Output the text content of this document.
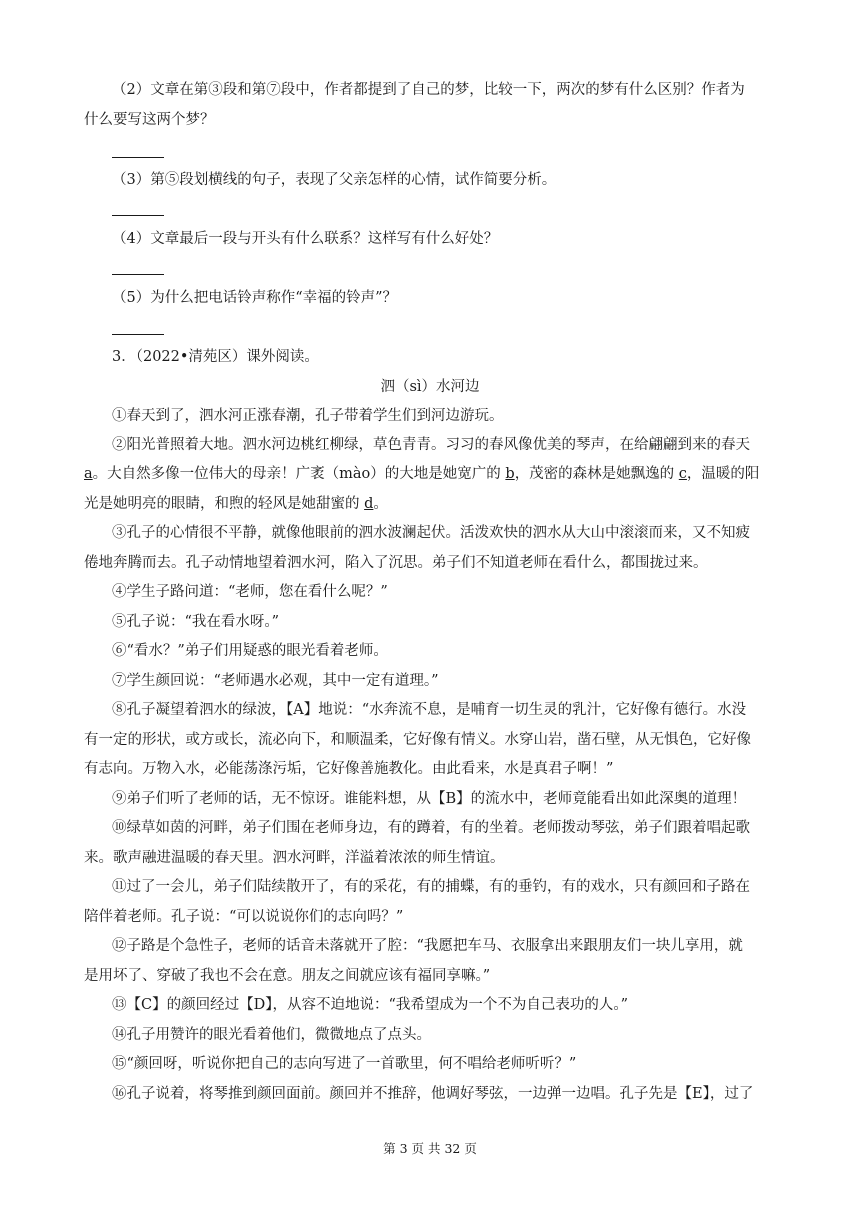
（2）文章在第③段和第⑦段中，作者都提到了自己的梦，比较一下，两次的梦有什么区别？作者为
什么要写这两个梦？
（3）第⑤段划横线的句子，表现了父亲怎样的心情，试作简要分析。
（4）文章最后一段与开头有什么联系？这样写有什么好处？
（5）为什么把电话铃声称作“幸福的铃声”？
3．（2022•清苑区）课外阅读。
泗（sì）水河边
①春天到了，泗水河正涨春潮，孔子带着学生们到河边游玩。
②阳光普照着大地。泗水河边桃红柳绿，草色青青。习习的春风像优美的琴声，在给翩翩到来的春天
a。大自然多像一位伟大的母亲！广袤（mào）的大地是她宽广的 b，茂密的森林是她飘逸的 c，温暖的阳
光是她明亮的眼睛，和煦的轻风是她甜蜜的 d。
③孔子的心情很不平静，就像他眼前的泗水波澜起伏。活泼欢快的泗水从大山中滚滚而来，又不知疲
倦地奔腾而去。孔子动情地望着泗水河，陷入了沉思。弟子们不知道老师在看什么，都围拢过来。
④学生子路问道：“老师，您在看什么呢？”
⑤孔子说：“我在看水呀。”
⑥“看水？”弟子们用疑惑的眼光看着老师。
⑦学生颜回说：“老师遇水必观，其中一定有道理。”
⑧孔子凝望着泗水的绿波，【A】地说：“水奔流不息，是哺育一切生灵的乳汁，它好像有德行。水没
有一定的形状，或方或长，流必向下，和顺温柔，它好像有情义。水穿山岩，凿石壁，从无惧色，它好像
有志向。万物入水，必能荡涤污垢，它好像善施教化。由此看来，水是真君子啊！”
⑨弟子们听了老师的话，无不惊讶。谁能料想，从【B】的流水中，老师竟能看出如此深奥的道理！
⑩绿草如茵的河畔，弟子们围在老师身边，有的蹲着，有的坐着。老师拨动琴弦，弟子们跟着唱起歌
来。歌声融进温暖的春天里。泗水河畔，洋溢着浓浓的师生情谊。
⑪过了一会儿，弟子们陆续散开了，有的采花，有的捕蝶，有的垂钓，有的戏水，只有颜回和子路在
陪伴着老师。孔子说：“可以说说你们的志向吗？”
⑫子路是个急性子，老师的话音未落就开了腔：“我愿把车马、衣服拿出来跟朋友们一块儿享用，就
是用坏了、穿破了我也不会在意。朋友之间就应该有福同享嘛。”
⑬【C】的颜回经过【D】，从容不迫地说：“我希望成为一个不为自己表功的人。”
⑭孔子用赞许的眼光看着他们，微微地点了点头。
⑮“颜回呀，听说你把自己的志向写进了一首歌里，何不唱给老师听听？”
⑯孔子说着，将琴推到颜回面前。颜回并不推辞，他调好琴弦，一边弹一边唱。孔子先是【E】，过了
第 3 页 共 32 页
